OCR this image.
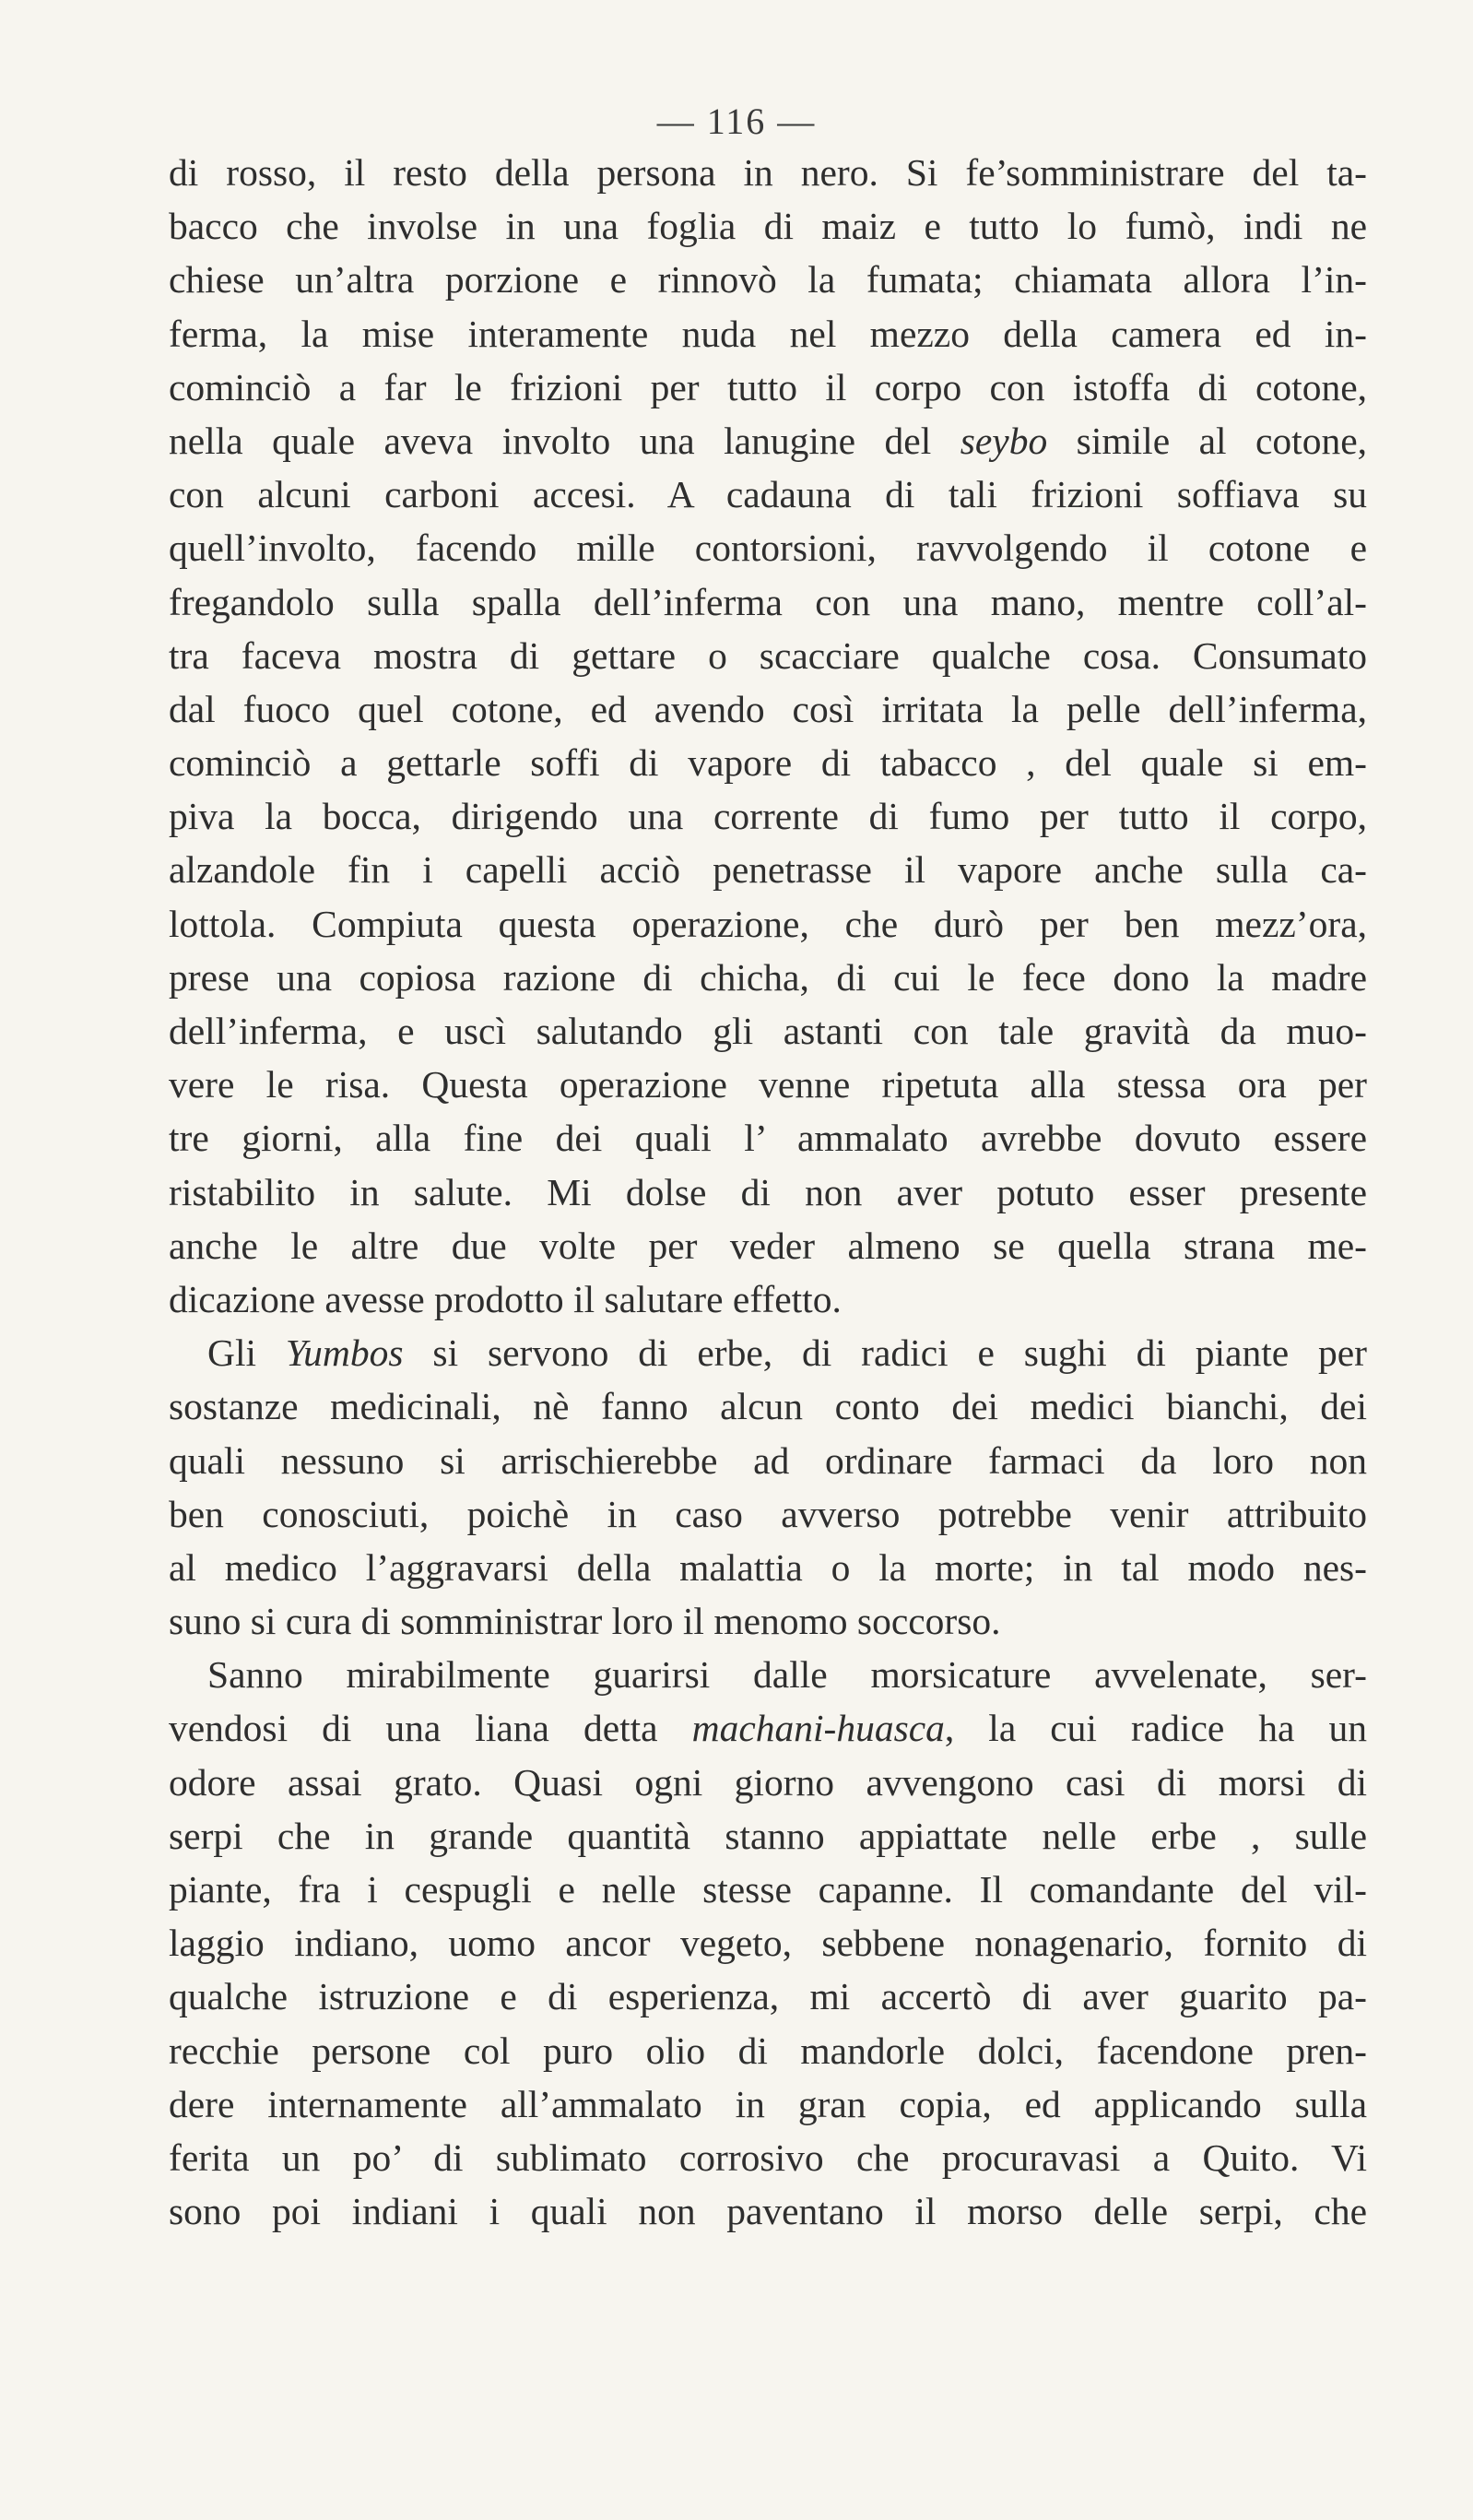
— 116 —
di rosso, il resto della persona in nero. Si fe’somministrare del ta-
bacco che involse in una foglia di maiz e tutto lo fumò, indi ne
chiese un’altra porzione e rinnovò la fumata; chiamata allora l’in-
ferma, la mise interamente nuda nel mezzo della camera ed in-
cominciò a far le frizioni per tutto il corpo con istoffa di cotone,
nella quale aveva involto una lanugine del seybo simile al cotone,
con alcuni carboni accesi. A cadauna di tali frizioni soffiava su
quell’involto, facendo mille contorsioni, ravvolgendo il cotone e
fregandolo sulla spalla dell’inferma con una mano, mentre coll’al-
tra faceva mostra di gettare o scacciare qualche cosa. Consumato
dal fuoco quel cotone, ed avendo così irritata la pelle dell’inferma,
cominciò a gettarle soffi di vapore di tabacco , del quale si em-
piva la bocca, dirigendo una corrente di fumo per tutto il corpo,
alzandole fin i capelli acciò penetrasse il vapore anche sulla ca-
lottola. Compiuta questa operazione, che durò per ben mezz’ora,
prese una copiosa razione di chicha, di cui le fece dono la madre
dell’inferma, e uscì salutando gli astanti con tale gravità da muo-
vere le risa. Questa operazione venne ripetuta alla stessa ora per
tre giorni, alla fine dei quali l’ ammalato avrebbe dovuto essere
ristabilito in salute. Mi dolse di non aver potuto esser presente
anche le altre due volte per veder almeno se quella strana me-
dicazione avesse prodotto il salutare effetto.
Gli Yumbos si servono di erbe, di radici e sughi di piante per
sostanze medicinali, nè fanno alcun conto dei medici bianchi, dei
quali nessuno si arrischierebbe ad ordinare farmaci da loro non
ben conosciuti, poichè in caso avverso potrebbe venir attribuito
al medico l’aggravarsi della malattia o la morte; in tal modo nes-
suno si cura di somministrar loro il menomo soccorso.
Sanno mirabilmente guarirsi dalle morsicature avvelenate, ser-
vendosi di una liana detta machani-huasca, la cui radice ha un
odore assai grato. Quasi ogni giorno avvengono casi di morsi di
serpi che in grande quantità stanno appiattate nelle erbe , sulle
piante, fra i cespugli e nelle stesse capanne. Il comandante del vil-
laggio indiano, uomo ancor vegeto, sebbene nonagenario, fornito di
qualche istruzione e di esperienza, mi accertò di aver guarito pa-
recchie persone col puro olio di mandorle dolci, facendone pren-
dere internamente all’ammalato in gran copia, ed applicando sulla
ferita un po’ di sublimato corrosivo che procuravasi a Quito. Vi
sono poi indiani i quali non paventano il morso delle serpi, che
